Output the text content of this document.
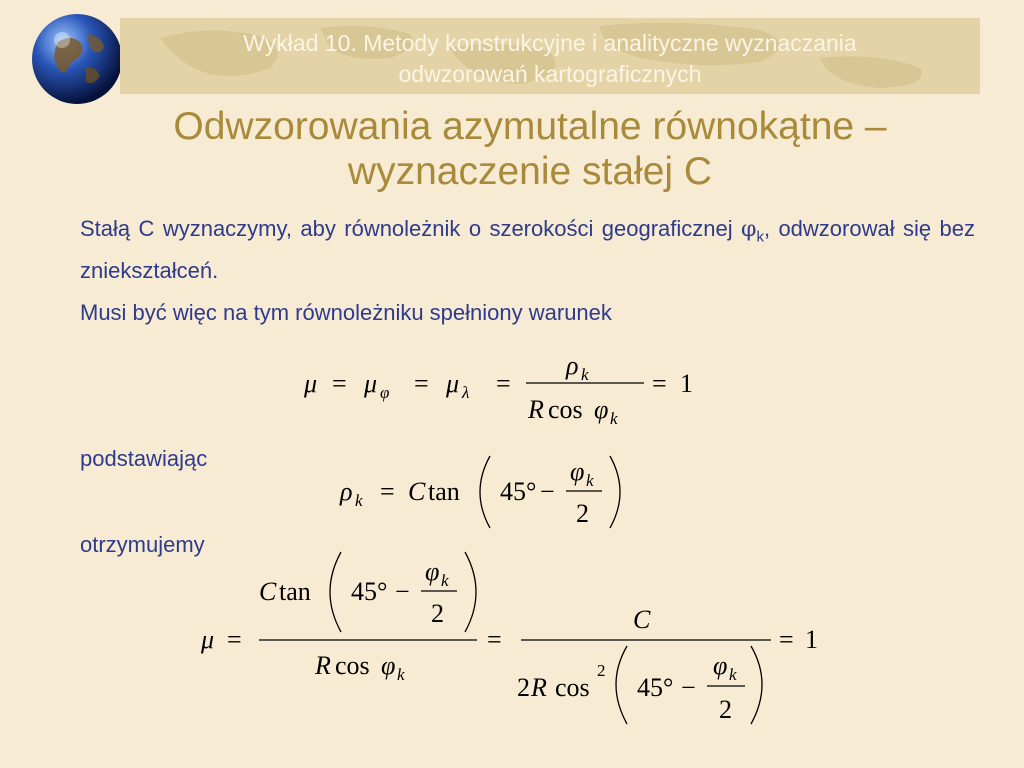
Wykład 10. Metody konstrukcyjne i analityczne wyznaczania
odwzorowań kartograficznych
Odwzorowania azymutalne równokątne –
wyznaczenie stałej C
Stałą C wyznaczymy, aby równoleżnik o szerokości geograficznej $\varphi_k$, odwzorował się bez zniekształceń.
Musi być więc na tym równoleżniku spełniony warunek
μ = μ φ = μ λ =
ρ k
R cos φ k
= 1
podstawiając
ρ k = C tan 45° −
φ k
2
otrzymujemy
μ =
C tan 45° −
φ k
2
R cos φ k
=
C
2 R cos
2
45° −
φ k
2
= 1
